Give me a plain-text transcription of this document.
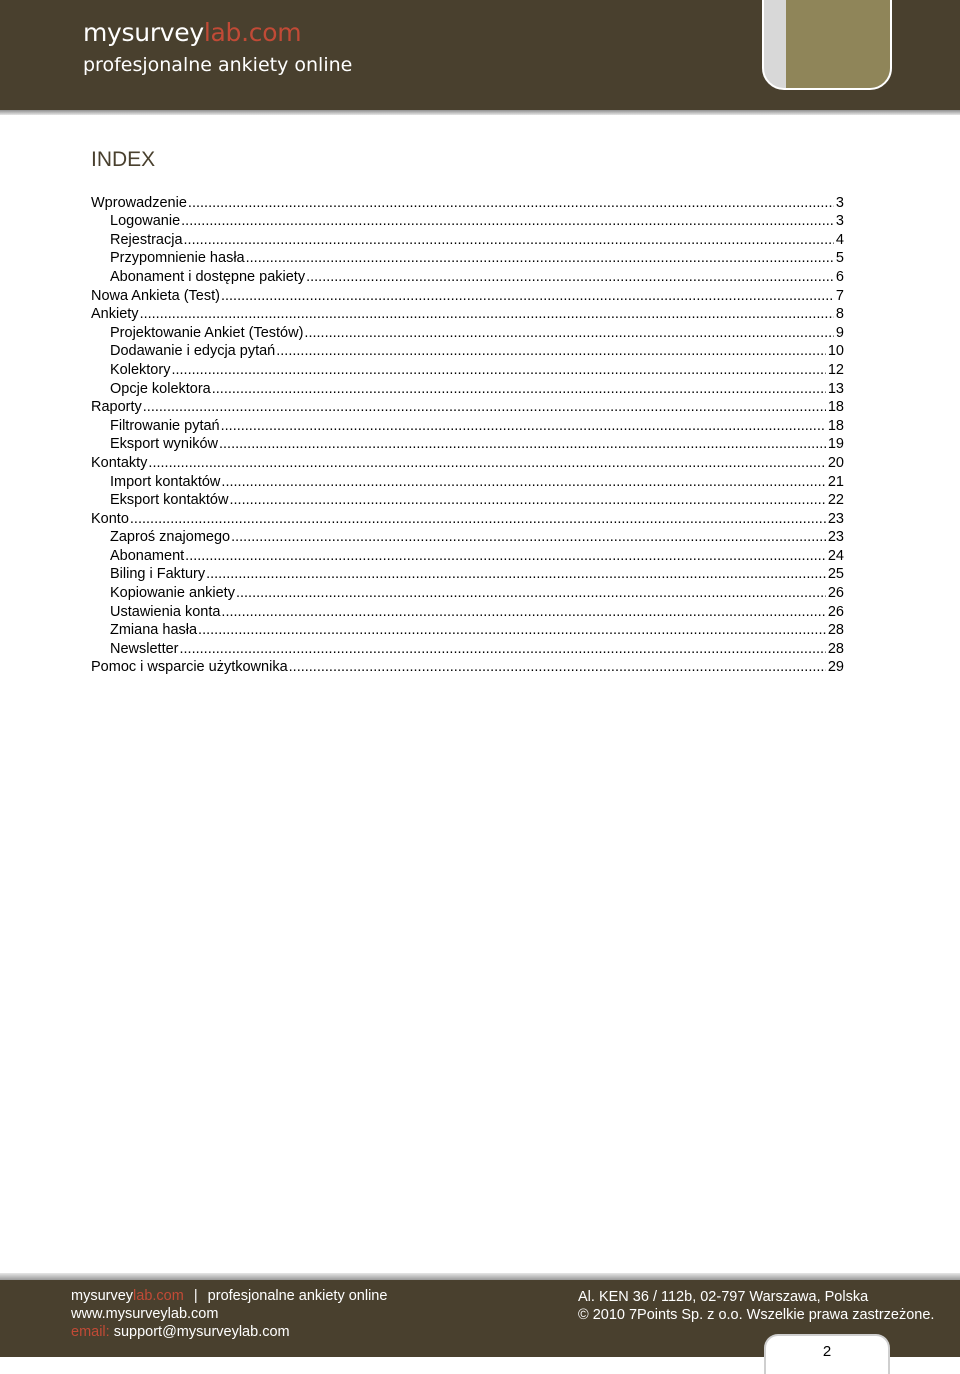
mysurveylab.com
profesjonalne ankiety online
INDEX
Wprowadzenie .....	3
Logowanie .....	3
Rejestracja .....	4
Przypomnienie hasła .....	5
Abonament i dostępne pakiety .....	6
Nowa Ankieta (Test) .....	7
Ankiety .....	8
Projektowanie Ankiet (Testów) .....	9
Dodawanie i edycja pytań .....	10
Kolektory .....	12
Opcje kolektora .....	13
Raporty .....	18
Filtrowanie pytań .....	18
Eksport wyników .....	19
Kontakty .....	20
Import kontaktów .....	21
Eksport kontaktów .....	22
Konto .....	23
Zaproś znajomego .....	23
Abonament .....	24
Biling i Faktury .....	25
Kopiowanie ankiety .....	26
Ustawienia konta .....	26
Zmiana hasła .....	28
Newsletter .....	28
Pomoc i wsparcie użytkownika .....	29
mysurveylab.com | profesjonalne ankiety online
www.mysurveylab.com
email: support@mysurveylab.com
Al. KEN 36 / 112b, 02-797 Warszawa, Polska
© 2010 7Points Sp. z o.o. Wszelkie prawa zastrzeżone.
2
